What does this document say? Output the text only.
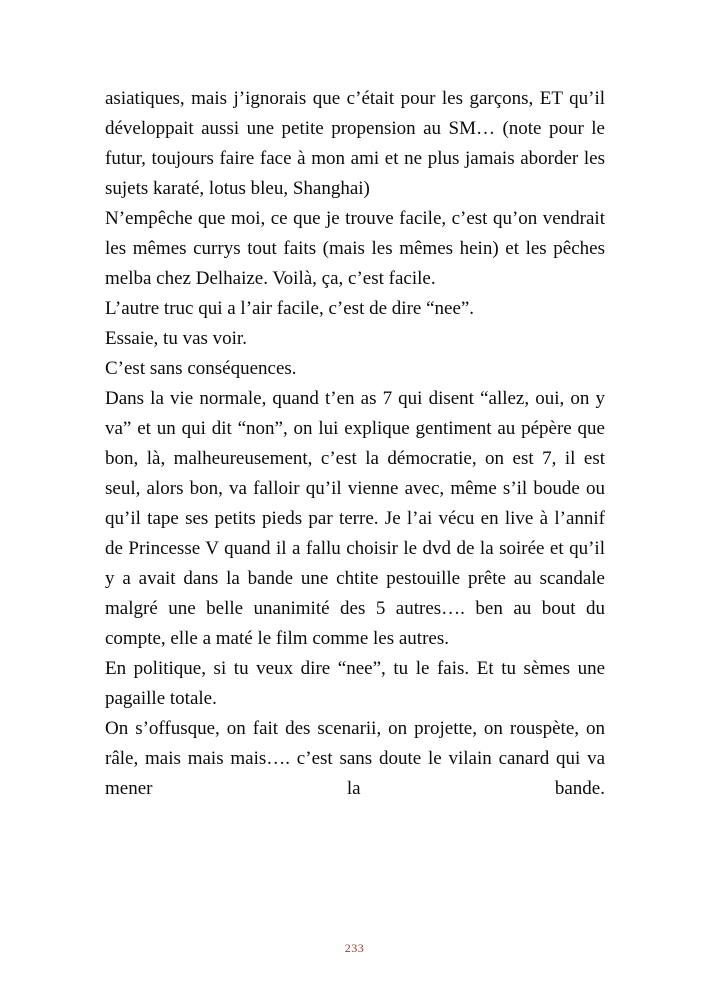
asiatiques, mais j’ignorais que c’était pour les garçons, ET qu’il développait aussi une petite propension au SM… (note pour le futur, toujours faire face à mon ami et ne plus jamais aborder les sujets karaté, lotus bleu, Shanghai)

N’empêche que moi, ce que je trouve facile, c’est qu’on vendrait les mêmes currys tout faits (mais les mêmes hein) et les pêches melba chez Delhaize. Voilà, ça, c’est facile.

L’autre truc qui a l’air facile, c’est de dire “nee”.

Essaie, tu vas voir.

C’est sans conséquences.

Dans la vie normale, quand t’en as 7 qui disent “allez, oui, on y va” et un qui dit “non”, on lui explique gentiment au pépère que bon, là, malheureusement, c’est la démocratie, on est 7, il est seul, alors bon, va falloir qu’il vienne avec, même s’il boude ou qu’il tape ses petits pieds par terre. Je l’ai vécu en live à l’annif de Princesse V quand il a fallu choisir le dvd de la soirée et qu’il y a avait dans la bande une chtite pestouille prête au scandale malgré une belle unanimité des 5 autres…. ben au bout du compte, elle a maté le film comme les autres.

En politique, si tu veux dire “nee”, tu le fais. Et tu sèmes une pagaille totale.

On s’offusque, on fait des scenarii, on projette, on rouspète, on râle, mais mais mais…. c’est sans doute le vilain canard qui va mener la bande.

233
